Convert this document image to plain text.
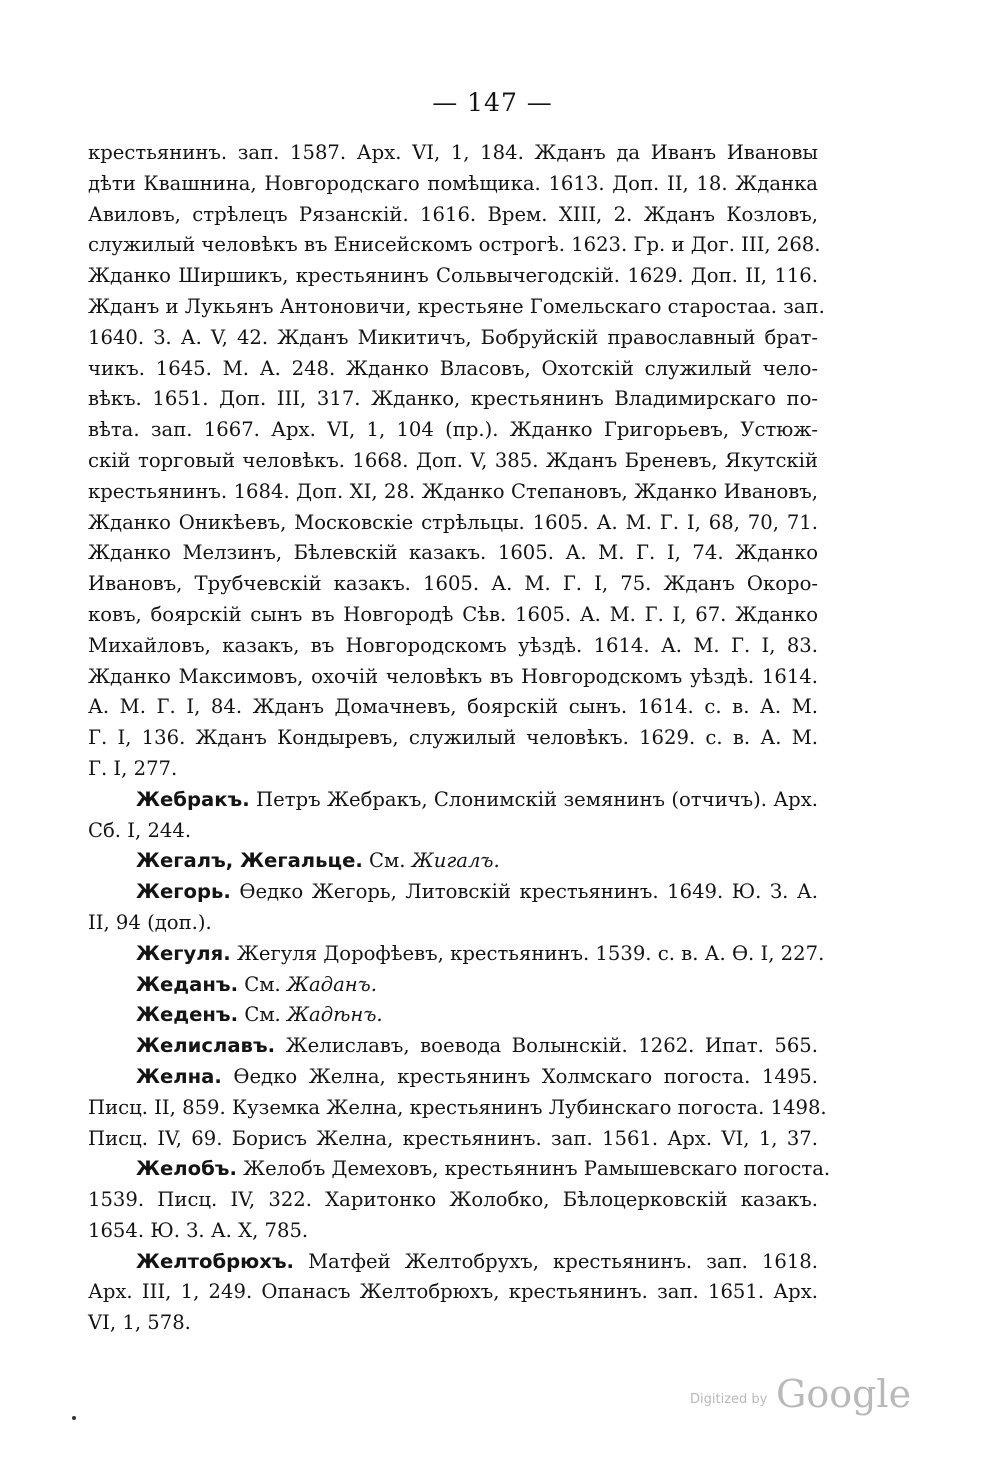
— 147 —
крестьянинъ. зап. 1587. Арх. VI, 1, 184. Жданъ да Иванъ Ивановы
дѣти Квашнина, Новгородскаго помѣщика. 1613. Доп. II, 18. Жданка
Авиловъ, стрѣлецъ Рязанскій. 1616. Врем. XIII, 2. Жданъ Козловъ,
служилый человѣкъ въ Енисейскомъ острогѣ. 1623. Гр. и Дог. III, 268.
Жданко Ширшикъ, крестьянинъ Сольвычегодскій. 1629. Доп. II, 116.
Жданъ и Лукьянъ Антоновичи, крестьяне Гомельскаго старостаа. зап.
1640. З. А. V, 42. Жданъ Микитичъ, Бобруйскій православный брат-
чикъ. 1645. М. А. 248. Жданко Власовъ, Охотскій служилый чело-
вѣкъ. 1651. Доп. III, 317. Жданко, крестьянинъ Владимирскаго по-
вѣта. зап. 1667. Арх. VI, 1, 104 (пр.). Жданко Григорьевъ, Устюж-
скій торговый человѣкъ. 1668. Доп. V, 385. Жданъ Бреневъ, Якутскій
крестьянинъ. 1684. Доп. XI, 28. Жданко Степановъ, Жданко Ивановъ,
Жданко Оникѣевъ, Московскіе стрѣльцы. 1605. А. М. Г. I, 68, 70, 71.
Жданко Мелзинъ, Бѣлевскій казакъ. 1605. А. М. Г. I, 74. Жданко
Ивановъ, Трубчевскій казакъ. 1605. А. М. Г. I, 75. Жданъ Окоро-
ковъ, боярскій сынъ въ Новгородѣ Сѣв. 1605. А. М. Г. I, 67. Жданко
Михайловъ, казакъ, въ Новгородскомъ уѣздѣ. 1614. А. М. Г. I, 83.
Жданко Максимовъ, охочій человѣкъ въ Новгородскомъ уѣздѣ. 1614.
А. М. Г. I, 84. Жданъ Домачневъ, боярскій сынъ. 1614. с. в. А. М.
Г. I, 136. Жданъ Кондыревъ, служилый человѣкъ. 1629. с. в. А. М.
Г. I, 277.
Жебракъ. Петръ Жебракъ, Слонимскій земянинъ (отчичъ). Арх.
Сб. I, 244.
Жегалъ, Жегальце. См. Жигалъ.
Жегорь. Ѳедко Жегорь, Литовскій крестьянинъ. 1649. Ю. З. А.
II, 94 (доп.).
Жегуля. Жегуля Дорофѣевъ, крестьянинъ. 1539. с. в. А. Ѳ. I, 227.
Жеданъ. См. Жаданъ.
Жеденъ. См. Жадѣнъ.
Желиславъ. Желиславъ, воевода Волынскій. 1262. Ипат. 565.
Желна. Ѳедко Желна, крестьянинъ Холмскаго погоста. 1495.
Писц. II, 859. Куземка Желна, крестьянинъ Лубинскаго погоста. 1498.
Писц. IV, 69. Борисъ Желна, крестьянинъ. зап. 1561. Арх. VI, 1, 37.
Желобъ. Желобъ Демеховъ, крестьянинъ Рамышевскаго погоста.
1539. Писц. IV, 322. Харитонко Жолобко, Бѣлоцерковскій казакъ.
1654. Ю. З. А. X, 785.
Желтобрюхъ. Матфей Желтобрухъ, крестьянинъ. зап. 1618.
Арх. III, 1, 249. Опанасъ Желтобрюхъ, крестьянинъ. зап. 1651. Арх.
VI, 1, 578.
Digitized by Google
